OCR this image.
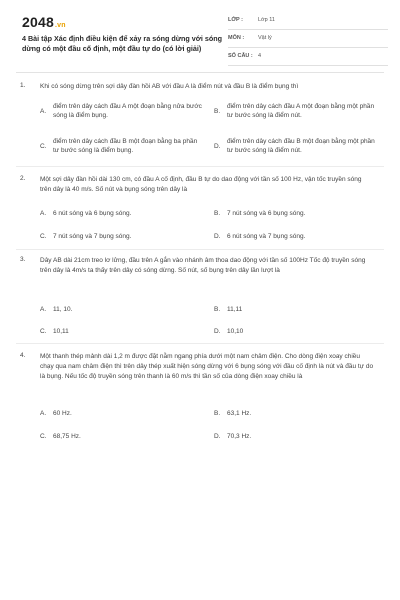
2048.vn
4 Bài tập Xác định điều kiện để xảy ra sóng dừng với sóng dừng có một đầu cố định, một đầu tự do (có lời giải)
LỚP :	Lớp 11
MÔN :	Vật lý
SỐ CÂU : 4
1. Khi có sóng dừng trên sợi dây đàn hồi AB với đầu A là điểm nút và đầu B là điểm bụng thì
A.
điểm trên dây cách đầu A một đoạn bằng nửa bước sóng là điểm bụng.
B.
điểm trên dây cách đầu A một đoạn bằng một phần tư bước sóng là điểm nút.
C.
điểm trên dây cách đầu B một đoạn bằng ba phần tư bước sóng là điểm bụng.
D.
điểm trên dây cách đầu B một đoạn bằng một phần tư bước sóng là điểm nút.
2. Một sợi dây đàn hồi dài 130 cm, có đầu A cố định, đầu B tự do dao động với tần số 100 Hz, vận tốc truyền sóng trên dây là 40 m/s. Số nút và bụng sóng trên dây là
A. 6 nút sóng và 6 bụng sóng.	B. 7 nút sóng và 6 bụng sóng.
C. 7 nút sóng và 7 bụng sóng.	D. 6 nút sóng và 7 bụng sóng.
3. Dây AB dài 21cm treo lơ lửng, đầu trên A gắn vào nhánh âm thoa dao động với tần số 100Hz Tốc độ truyền sóng trên dây là 4m/s ta thấy trên dây có sóng dừng. Số nút, số bụng trên dây lần lượt là
A. 11, 10.	B. 11,11
C. 10,11	D. 10,10
4. Một thanh thép mảnh dài 1,2 m được đặt nằm ngang phía dưới một nam châm điện. Cho dòng điện xoay chiều chạy qua nam châm điện thì trên dây thép xuất hiện sóng dừng với 6 bụng sóng với đầu cố định là nút và đầu tự do là bụng. Nếu tốc độ truyền sóng trên thanh là 60 m/s thì tần số của dòng điện xoay chiều là
A. 60 Hz.	B. 63,1 Hz.
C. 68,75 Hz.	D. 70,3 Hz.
